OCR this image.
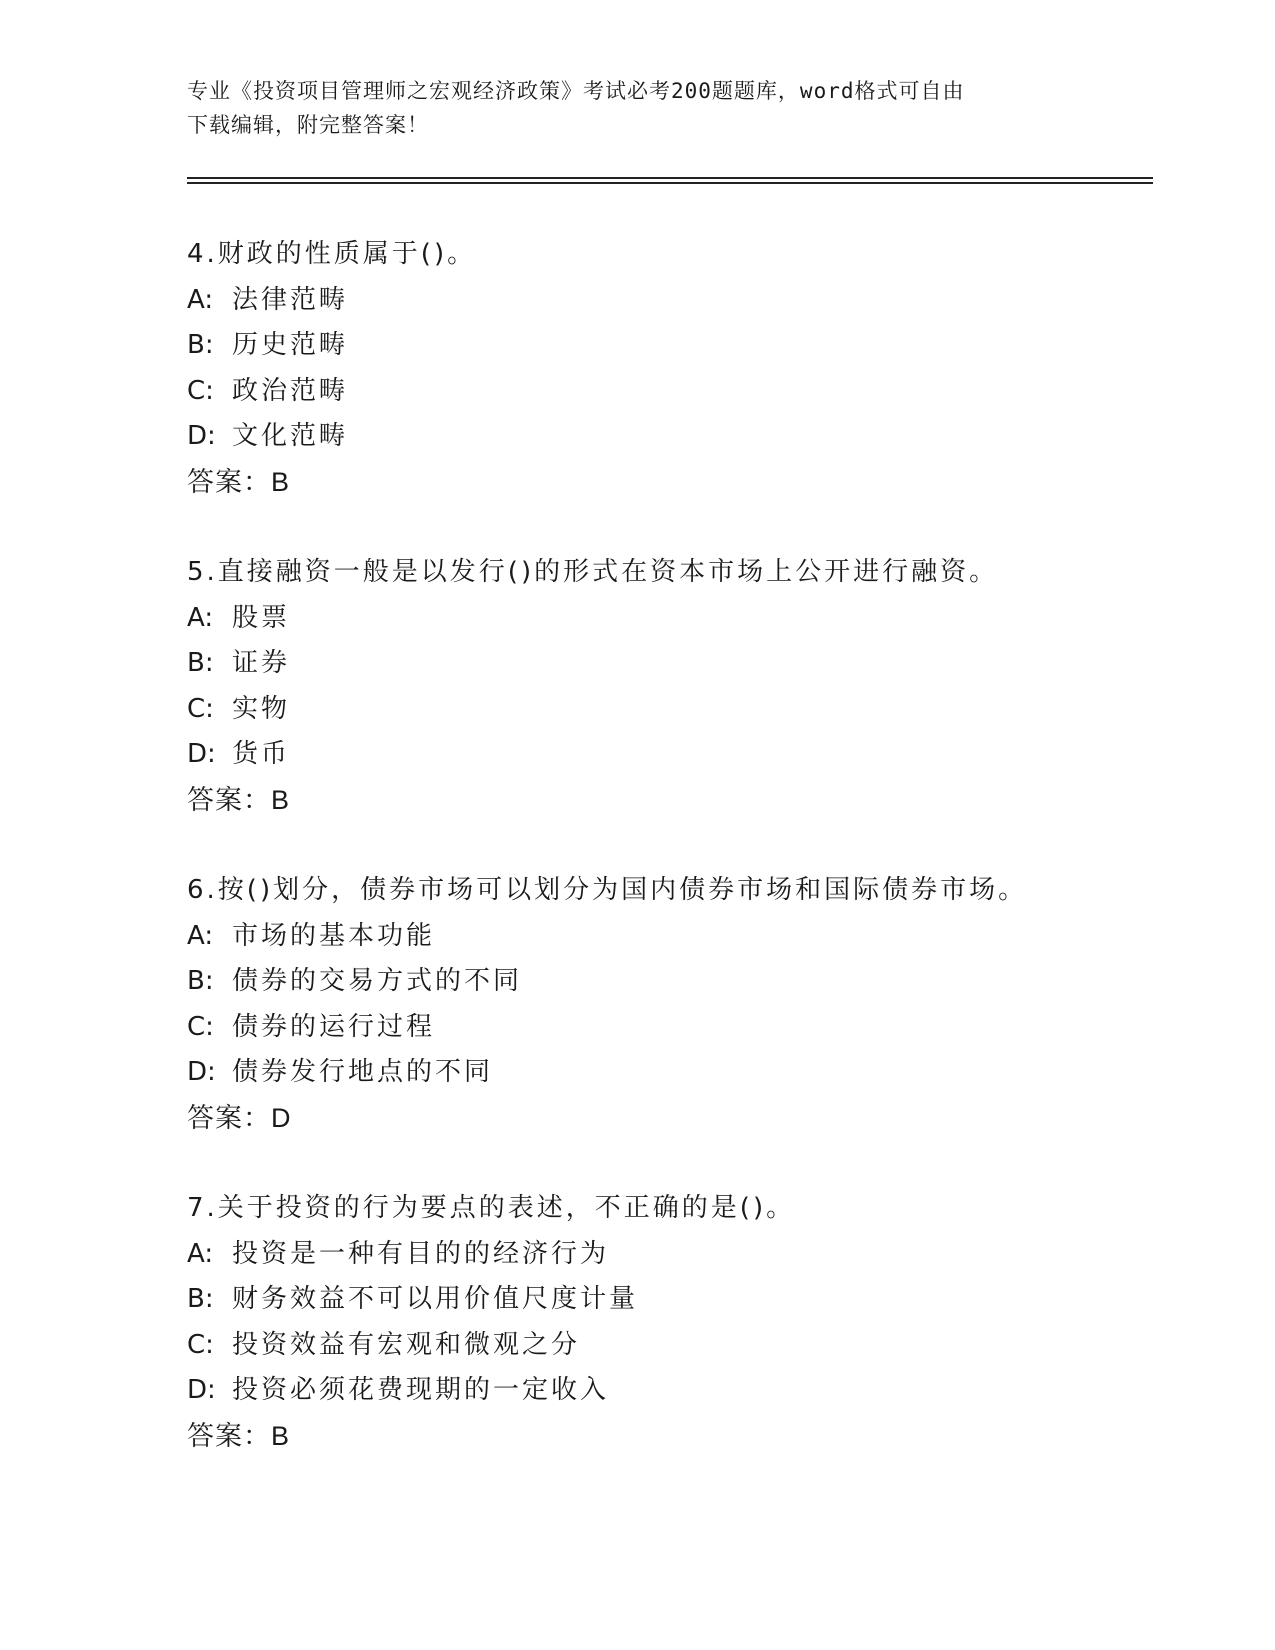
专业《投资项目管理师之宏观经济政策》考试必考200题题库，word格式可自由
下载编辑，附完整答案！
4.财政的性质属于()。
A: 法律范畴
B: 历史范畴
C: 政治范畴
D: 文化范畴
答案：B
5.直接融资一般是以发行()的形式在资本市场上公开进行融资。
A: 股票
B: 证券
C: 实物
D: 货币
答案：B
6.按()划分，债券市场可以划分为国内债券市场和国际债券市场。
A: 市场的基本功能
B: 债券的交易方式的不同
C: 债券的运行过程
D: 债券发行地点的不同
答案：D
7.关于投资的行为要点的表述，不正确的是()。
A: 投资是一种有目的的经济行为
B: 财务效益不可以用价值尺度计量
C: 投资效益有宏观和微观之分
D: 投资必须花费现期的一定收入
答案：B
